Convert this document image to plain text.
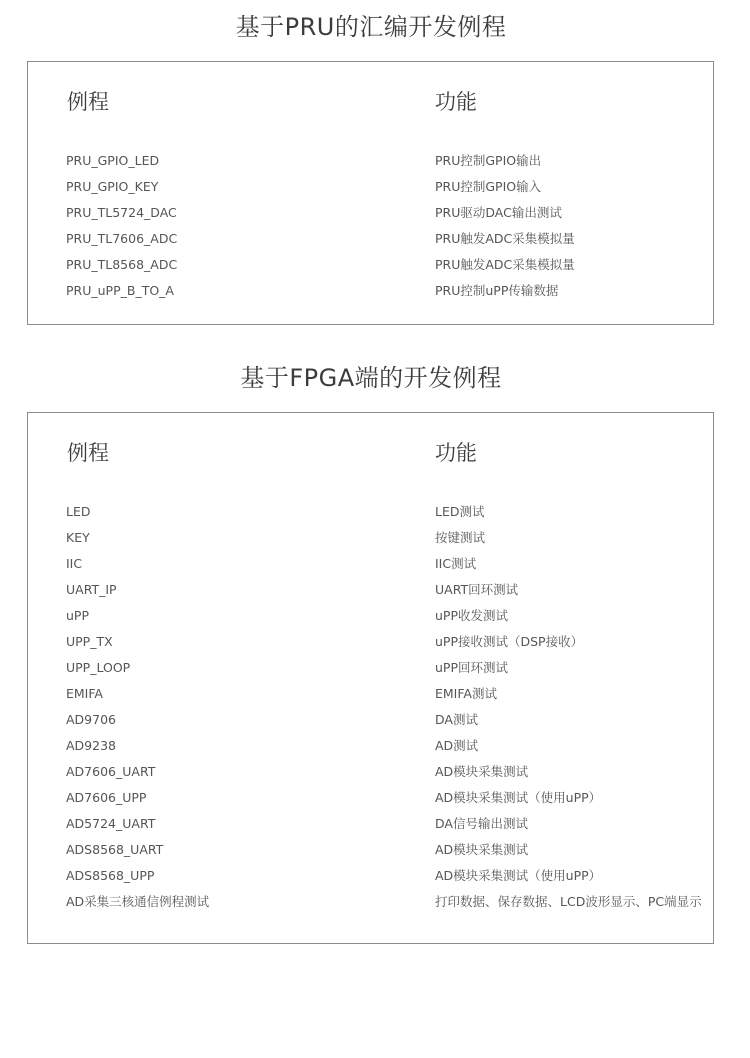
基于PRU的汇编开发例程
例程	功能
PRU_GPIO_LED	PRU控制GPIO输出
PRU_GPIO_KEY	PRU控制GPIO输入
PRU_TL5724_DAC	PRU驱动DAC输出测试
PRU_TL7606_ADC	PRU触发ADC采集模拟量
PRU_TL8568_ADC	PRU触发ADC采集模拟量
PRU_uPP_B_TO_A	PRU控制uPP传输数据
基于FPGA端的开发例程
例程	功能
LED	LED测试
KEY	按键测试
IIC	IIC测试
UART_IP	UART回环测试
uPP	uPP收发测试
UPP_TX	uPP接收测试（DSP接收）
UPP_LOOP	uPP回环测试
EMIFA	EMIFA测试
AD9706	DA测试
AD9238	AD测试
AD7606_UART	AD模块采集测试
AD7606_UPP	AD模块采集测试（使用uPP）
AD5724_UART	DA信号输出测试
ADS8568_UART	AD模块采集测试
ADS8568_UPP	AD模块采集测试（使用uPP）
AD采集三核通信例程测试	打印数据、保存数据、LCD波形显示、PC端显示
